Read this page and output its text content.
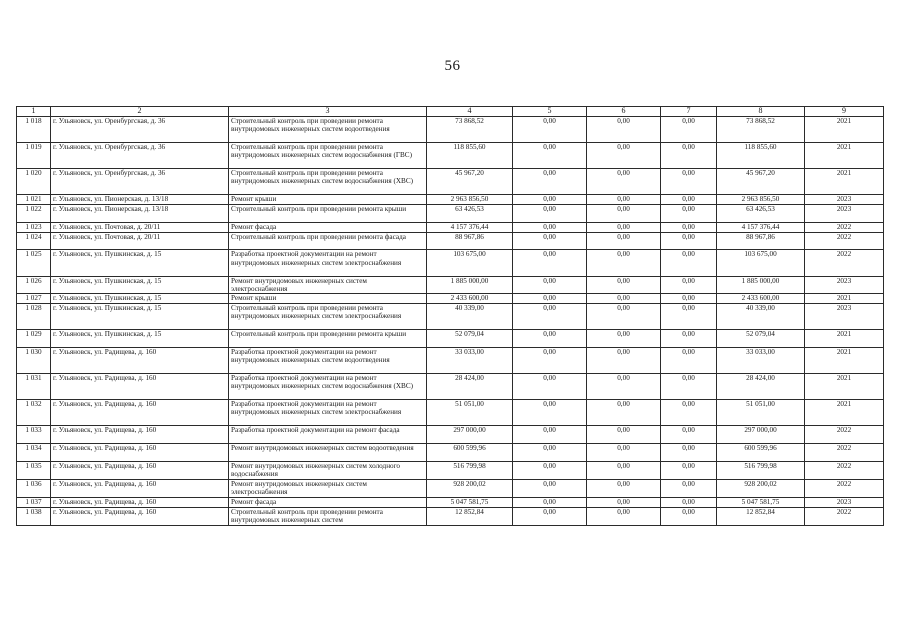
56
1	2	3	4	5	6	7	8	9
1 018	г. Ульяновск, ул. Оренбургская, д. 36	Строительный контроль при проведении ремонта внутридомовых инженерных систем водоотведения	73 868,52	0,00	0,00	0,00	73 868,52	2021
1 019	г. Ульяновск, ул. Оренбургская, д. 36	Строительный контроль при проведении ремонта внутридомовых инженерных систем водоснабжения (ГВС)	118 855,60	0,00	0,00	0,00	118 855,60	2021
1 020	г. Ульяновск, ул. Оренбургская, д. 36	Строительный контроль при проведении ремонта внутридомовых инженерных систем водоснабжения (ХВС)	45 967,20	0,00	0,00	0,00	45 967,20	2021
1 021	г. Ульяновск, ул. Пионерская, д. 13/18	Ремонт крыши	2 963 856,50	0,00	0,00	0,00	2 963 856,50	2023
1 022	г. Ульяновск, ул. Пионерская, д. 13/18	Строительный контроль при проведении ремонта крыши	63 426,53	0,00	0,00	0,00	63 426,53	2023
1 023	г. Ульяновск, ул. Почтовая, д. 20/11	Ремонт фасада	4 157 376,44	0,00	0,00	0,00	4 157 376,44	2022
1 024	г. Ульяновск, ул. Почтовая, д. 20/11	Строительный контроль при проведении ремонта фасада	88 967,86	0,00	0,00	0,00	88 967,86	2022
1 025	г. Ульяновск, ул. Пушкинская, д. 15	Разработка проектной документации на ремонт внутридомовых инженерных систем электроснабжения	103 675,00	0,00	0,00	0,00	103 675,00	2022
1 026	г. Ульяновск, ул. Пушкинская, д. 15	Ремонт внутридомовых инженерных систем электроснабжения	1 885 000,00	0,00	0,00	0,00	1 885 000,00	2023
1 027	г. Ульяновск, ул. Пушкинская, д. 15	Ремонт крыши	2 433 600,00	0,00	0,00	0,00	2 433 600,00	2021
1 028	г. Ульяновск, ул. Пушкинская, д. 15	Строительный контроль при проведении ремонта внутридомовых инженерных систем электроснабжения	40 339,00	0,00	0,00	0,00	40 339,00	2023
1 029	г. Ульяновск, ул. Пушкинская, д. 15	Строительный контроль при проведении ремонта крыши	52 079,04	0,00	0,00	0,00	52 079,04	2021
1 030	г. Ульяновск, ул. Радищева, д. 160	Разработка проектной документации на ремонт внутридомовых инженерных систем водоотведения	33 033,00	0,00	0,00	0,00	33 033,00	2021
1 031	г. Ульяновск, ул. Радищева, д. 160	Разработка проектной документации на ремонт внутридомовых инженерных систем водоснабжения (ХВС)	28 424,00	0,00	0,00	0,00	28 424,00	2021
1 032	г. Ульяновск, ул. Радищева, д. 160	Разработка проектной документации на ремонт внутридомовых инженерных систем электроснабжения	51 051,00	0,00	0,00	0,00	51 051,00	2021
1 033	г. Ульяновск, ул. Радищева, д. 160	Разработка проектной документации на ремонт фасада	297 000,00	0,00	0,00	0,00	297 000,00	2022
1 034	г. Ульяновск, ул. Радищева, д. 160	Ремонт внутридомовых инженерных систем водоотведения	600 599,96	0,00	0,00	0,00	600 599,96	2022
1 035	г. Ульяновск, ул. Радищева, д. 160	Ремонт внутридомовых инженерных систем холодного водоснабжения	516 799,98	0,00	0,00	0,00	516 799,98	2022
1 036	г. Ульяновск, ул. Радищева, д. 160	Ремонт внутридомовых инженерных систем электроснабжения	928 200,02	0,00	0,00	0,00	928 200,02	2022
1 037	г. Ульяновск, ул. Радищева, д. 160	Ремонт фасада	5 047 581,75	0,00	0,00	0,00	5 047 581,75	2023
1 038	г. Ульяновск, ул. Радищева, д. 160	Строительный контроль при проведении ремонта внутридомовых инженерных систем	12 852,84	0,00	0,00	0,00	12 852,84	2022
